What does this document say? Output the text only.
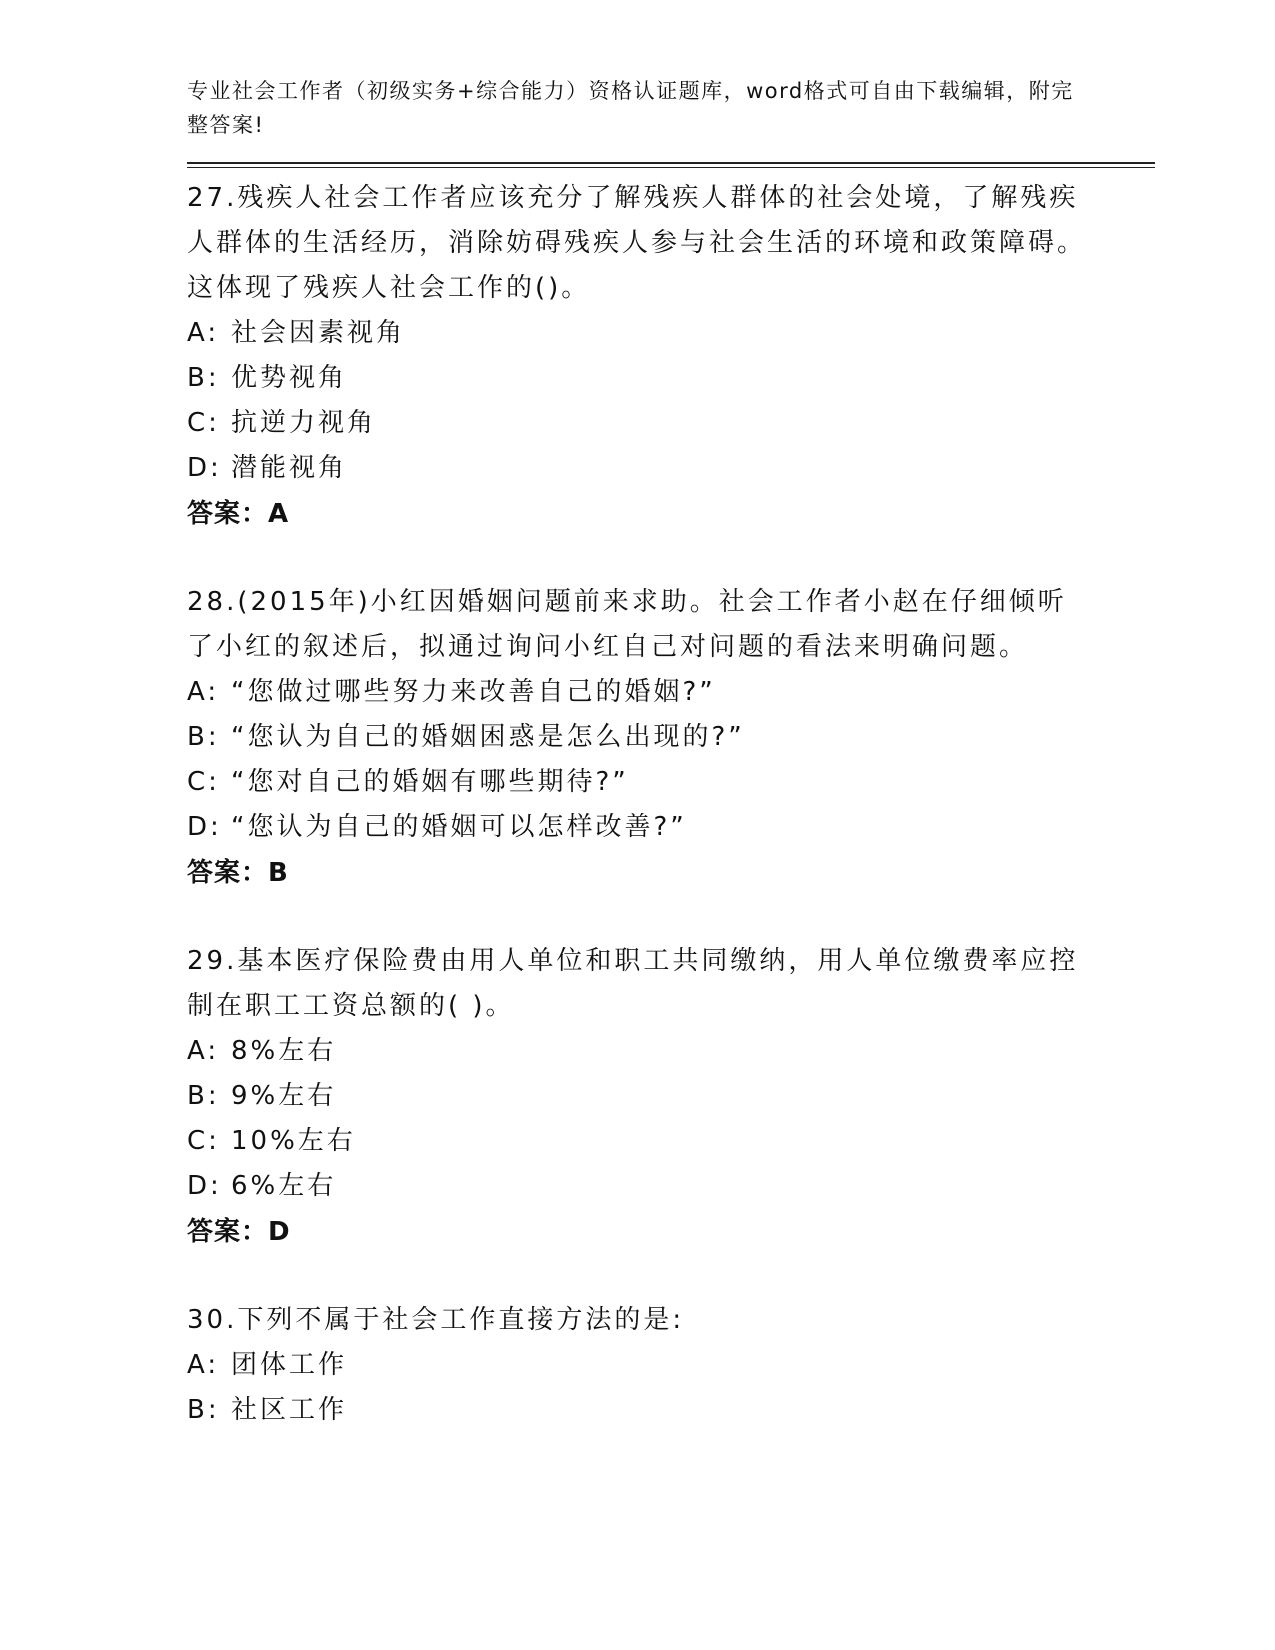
专业社会工作者（初级实务+综合能力）资格认证题库，word格式可自由下载编辑，附完整答案!

27.残疾人社会工作者应该充分了解残疾人群体的社会处境，了解残疾人群体的生活经历，消除妨碍残疾人参与社会生活的环境和政策障碍。这体现了残疾人社会工作的()。

A: 社会因素视角

B: 优势视角

C: 抗逆力视角

D: 潜能视角

答案：A

28.(2015年)小红因婚姻问题前来求助。社会工作者小赵在仔细倾听了小红的叙述后，拟通过询问小红自己对问题的看法来明确问题。

A: “您做过哪些努力来改善自己的婚姻?”

B: “您认为自己的婚姻困惑是怎么出现的?”

C: “您对自己的婚姻有哪些期待?”

D: “您认为自己的婚姻可以怎样改善?”

答案：B

29.基本医疗保险费由用人单位和职工共同缴纳，用人单位缴费率应控制在职工工资总额的( )。

A: 8%左右

B: 9%左右

C: 10%左右

D: 6%左右

答案：D

30.下列不属于社会工作直接方法的是:

A: 团体工作

B: 社区工作
